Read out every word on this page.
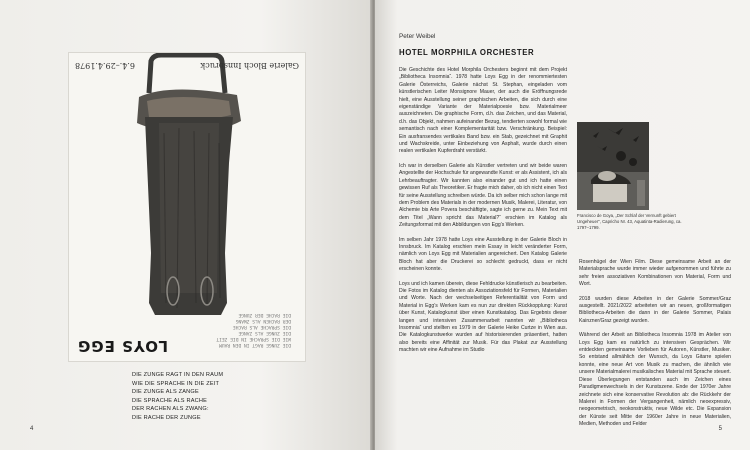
Galerie Bloch Innsbruck
6.4.–29.4.1978
DIE ZUNGE RAGT IN DEN RAUM
WIE DIE SPRACHE IN DIE ZEIT
DIE ZUNGE ALS ZANGE
DIE SPRACHE ALS RACHE
DER RACHEN ALS ZWANG
DIE RACHE DER ZUNGE
LOYS EGG
DIE ZUNGE RAGT IN DEN RAUM
WIE DIE SPRACHE IN DIE ZEIT
DIE ZUNGE ALS ZANGE
DIE SPRACHE ALS RACHE
DER RACHEN ALS ZWANG:
DIE RACHE DER ZUNGE
4
Peter Weibel
HOTEL MORPHILA ORCHESTER

Die Geschichte des Hotel Morphila Orchesters beginnt mit dem Projekt „Bibliotheca Insomnia“. 1978 hatte Loys Egg in der renommiertesten Galerie Österreichs, Galerie nächst St. Stephan, eingeladen vom künstlerischen Leiter Monsignore Mauer, der auch die Eröffnungsrede hielt, eine Ausstellung seiner graphischen Arbeiten, die sich durch eine eigenständige Variante der Materialpoesie bzw. Materialmeer auszeichneten. Die graphische Form, d.h. das Zeichen, und das Material, d.h. das Objekt, nahmen aufeinander Bezug, tendierten sowohl formal wie semantisch nach einer Komplementarität bzw. Verschränkung. Beispiel: Ein ausfransendes vertikales Band bzw. ein Stab, gezeichnet mit Graphit und Wachskreide, unter Einbeziehung von Asphalt, wurde durch einen realen vertikalen Kupferdraht verstärkt.

Ich war in derselben Galerie als Künstler vertreten und wir beide waren Angestellte der Hochschule für angewandte Kunst: er als Assistent, ich als Lehrbeauftragter. Wir kannten also einander gut und ich hatte einen gewissen Ruf als Theoretiker. Er fragte mich daher, ob ich nicht einen Text für seine Ausstellung schreiben würde. Da ich selber mich schon lange mit dem Problem des Materials in der modernen Musik, Malerei, Literatur, von Alchemie bis Arte Povera beschäftigte, sagte ich gerne zu. Mein Text mit dem Titel „Wann spricht das Material?“ erschien im Katalog als Zeitungsformat mit den Abbildungen von Egg’s Werken.

Im selben Jahr 1978 hatte Loys eine Ausstellung in der Galerie Bloch in Innsbruck. Im Katalog erschien mein Essay in leicht veränderter Form, nämlich von Loys Egg mit Materialien angereichert. Den Katalog Galerie Bloch hat aber die Druckerei so schlecht gedruckt, dass er nicht erscheinen konnte.

Loys und ich kamen überein, diese Fehldrucke künstlerisch zu bearbeiten. Die Fotos im Katalog dienten als Assoziationsfeld für Formen, Materialien und Worte. Nach der wechselseitigen Referentialität von Form und Material in Egg’s Werken kam es nun zur direkten Rückkopplung: Kunst über Kunst, Katalogkunst über einen Kunstkatalog. Das Ergebnis dieser langen und intensiven Zusammenarbeit nannten wir „Bibliotheca Insomnia“ und stellten es 1979 in der Galerie Heike Curtze in Wien aus. Die Katalogkunstwerke wurden auf historisierenden präsentiert, hatten also bereits eine Affinität zur Musik. Für das Plakat zur Ausstellung machten wir eine Aufnahme im Studio

Francisco de Goya, „Der Schlaf der Vernunft gebiert Ungeheuer“, Capricho Nr. 43, Aquatinta-Radierung, ca. 1797–1799.

Rosenhügel der Wien Film. Diese gemeinsame Arbeit an der Materialsprache wurde immer wieder aufgenommen und führte zu sehr freien assoziativen Kombinationen von Material, Form und Wort.

2018 wurden diese Arbeiten in der Galerie Sommer/Graz ausgestellt. 2021/2022 arbeiteten wir an neuen, großformatigen Bibliotheca-Arbeiten die dann in der Galerie Sommer, Palais Kainzner/Graz gezeigt wurden.

Während der Arbeit an Bibliotheca Insomnia 1978 im Atelier von Loys Egg kam es natürlich zu intensiven Gesprächen. Wir entdeckten gemeinsame Vorlieben für Autoren, Künstler, Musiker. So entstand allmählich der Wunsch, da Loys Gitarre spielen konnte, eine neue Art von Musik zu machen, die ähnlich wie unsere Materialmalerei musikalisches Material mit Sprache steuert. Diese Überlegungen entstanden auch im Zeichen eines Paradigmenwechsels in der Kunstszene. Ende der 1970er Jahre zeichnete sich eine konservative Revolution ab: die Rückkehr der Malerei in Formen der Vergangenheit, nämlich neoexpressiv, neogeometrisch, neokonstruktiv, neue Wilde etc. Die Expansion der Künste seit Mitte der 1960er Jahre in neue Materialien, Medien, Methoden und Felder

5
